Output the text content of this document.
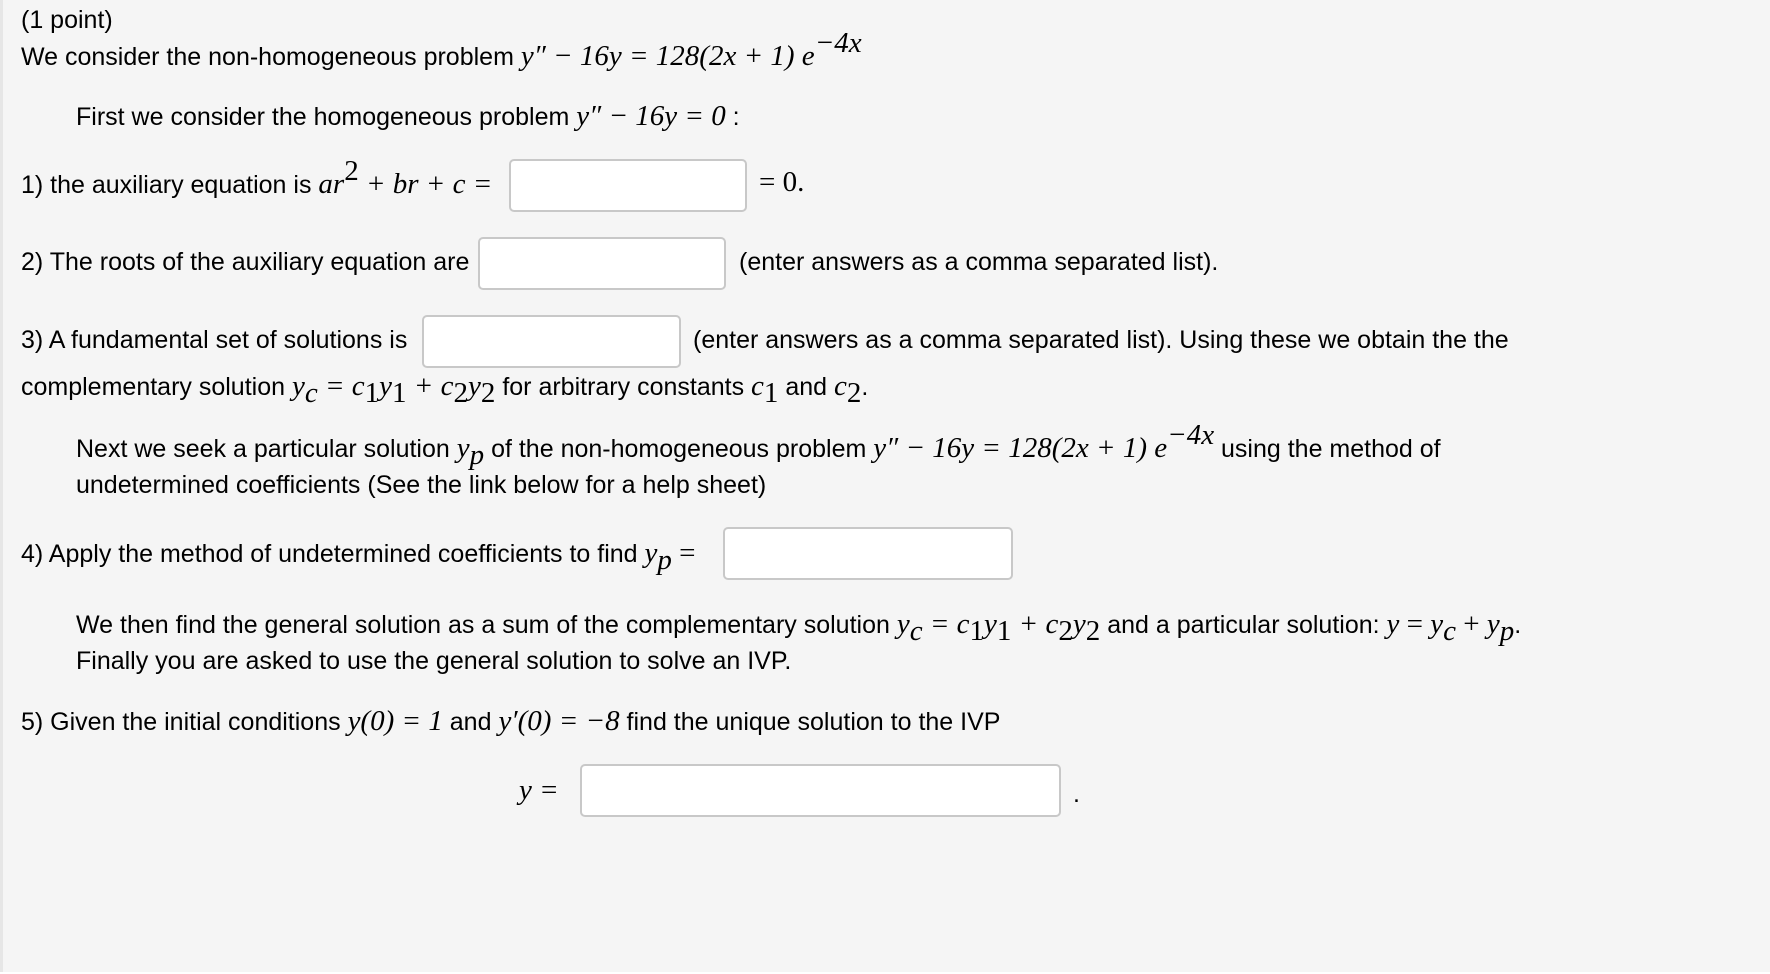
(1 point)
We consider the non-homogeneous problem y″ − 16y = 128(2x + 1) $e^{-4x}$
First we consider the homogeneous problem y″ − 16y = 0 :
1) the auxiliary equation is $ar^2$ + br + c =	= 0.
2) The roots of the auxiliary equation are	(enter answers as a comma separated list).
3) A fundamental set of solutions is	(enter answers as a comma separated list). Using these we obtain the the
complementary solution $y_c = c_1y_1 + c_2y_2$ for arbitrary constants $c_1$ and $c_2$.
Next we seek a particular solution $y_p$ of the non-homogeneous problem y″ − 16y = 128(2x + 1) $e^{-4x}$ using the method of
undetermined coefficients (See the link below for a help sheet)
4) Apply the method of undetermined coefficients to find $y_p$ =
We then find the general solution as a sum of the complementary solution $y_c = c_1y_1 + c_2y_2$ and a particular solution: $y = y_c + y_p$.
Finally you are asked to use the general solution to solve an IVP.
5) Given the initial conditions y(0) = 1 and y′(0) = −8 find the unique solution to the IVP
y =	.
